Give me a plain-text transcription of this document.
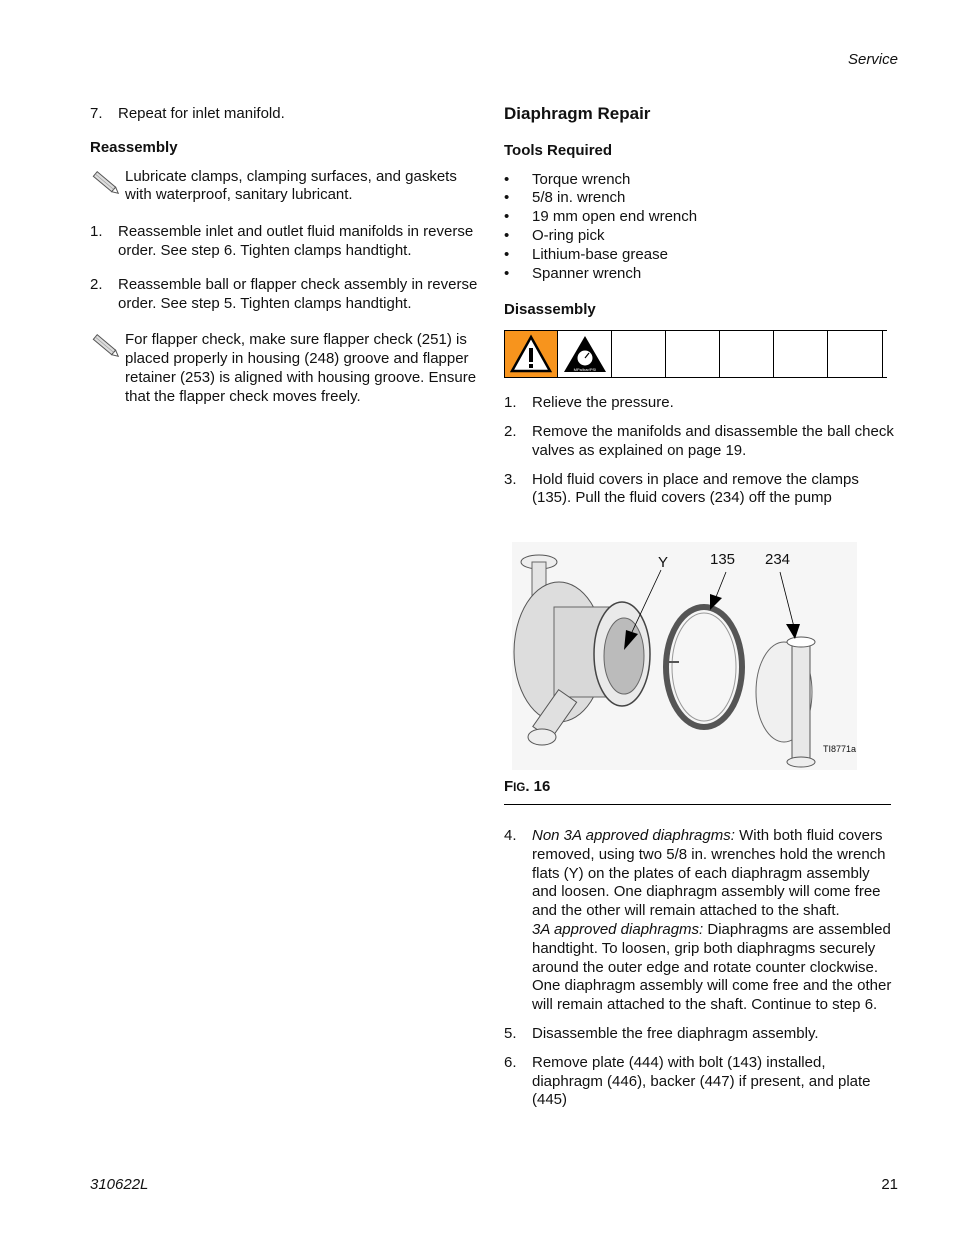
Service
7.	Repeat for inlet manifold.
Reassembly
Lubricate clamps, clamping surfaces, and gaskets with waterproof, sanitary lubricant.
1.	Reassemble inlet and outlet fluid manifolds in reverse order. See step 6. Tighten clamps handtight.
2.	Reassemble ball or flapper check assembly in reverse order. See step 5. Tighten clamps handtight.
For flapper check, make sure flapper check (251) is placed properly in housing (248) groove and flapper retainer (253) is aligned with housing groove. Ensure that the flapper check moves freely.
Diaphragm Repair
Tools Required
•	Torque wrench
•	5/8 in. wrench
•	19 mm open end wrench
•	O-ring pick
•	Lithium-base grease
•	Spanner wrench
Disassembly
MPa/bar/PSI
1.	Relieve the pressure.
2.	Remove the manifolds and disassemble the ball check valves as explained on page 19.
3.	Hold fluid covers in place and remove the clamps (135). Pull the fluid covers (234) off the pump
Y	135 234
TI8771a
FIG. 16
4.	Non 3A approved diaphragms: With both fluid covers removed, using two 5/8 in. wrenches hold the wrench flats (Y) on the plates of each diaphragm assembly and loosen. One diaphragm assembly will come free and the other will remain attached to the shaft.
3A approved diaphragms: Diaphragms are assembled handtight. To loosen, grip both diaphragms securely around the outer edge and rotate counter clockwise. One diaphragm assembly will come free and the other will remain attached to the shaft. Continue to step 6.
5.	Disassemble the free diaphragm assembly.
6.	Remove plate (444) with bolt (143) installed, diaphragm (446), backer (447) if present, and plate (445)
310622L	21
